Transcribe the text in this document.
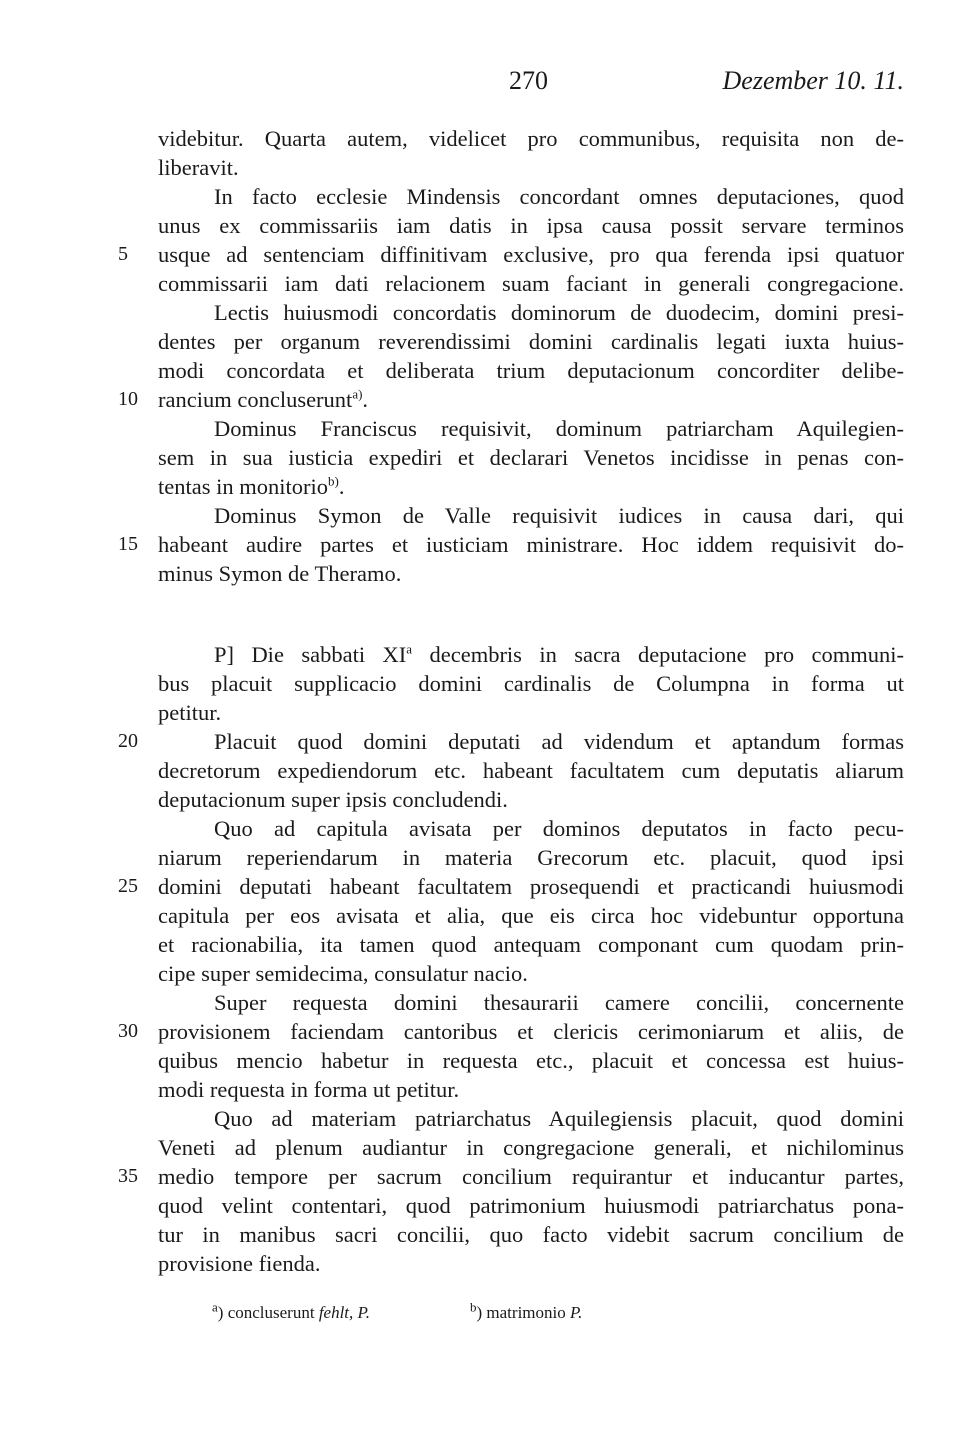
270	Dezember 10. 11.
videbitur. Quarta autem, videlicet pro communibus, requisita non de-
liberavit.
In facto ecclesie Mindensis concordant omnes deputaciones, quod
unus ex commissariis iam datis in ipsa causa possit servare terminos
5	usque ad sentenciam diffinitivam exclusive, pro qua ferenda ipsi quatuor
commissarii iam dati relacionem suam faciant in generali congregacione.
Lectis huiusmodi concordatis dominorum de duodecim, domini presi-
dentes per organum reverendissimi domini cardinalis legati iuxta huius-
modi concordata et deliberata trium deputacionum concorditer delibe-
10 rancium concluserunt$^{a)}$.
Dominus Franciscus requisivit, dominum patriarcham Aquilegien-
sem in sua iusticia expediri et declarari Venetos incidisse in penas con-
tentas in monitorio$^{b)}$.
Dominus Symon de Valle requisivit iudices in causa dari, qui
15 habeant audire partes et iusticiam ministrare. Hoc iddem requisivit do-
minus Symon de Theramo.
P] Die sabbati $XI^a$ decembris in sacra deputacione pro communi-
bus placuit supplicacio domini cardinalis de Columpna in forma ut
petitur.
20	Placuit quod domini deputati ad videndum et aptandum formas
decretorum expediendorum etc. habeant facultatem cum deputatis aliarum
deputacionum super ipsis concludendi.
Quo ad capitula avisata per dominos deputatos in facto pecu-
niarum reperiendarum in materia Grecorum etc. placuit, quod ipsi
25 domini deputati habeant facultatem prosequendi et practicandi huiusmodi
capitula per eos avisata et alia, que eis circa hoc videbuntur opportuna
et racionabilia, ita tamen quod antequam componant cum quodam prin-
cipe super semidecima, consulatur nacio.
Super requesta domini thesaurarii camere concilii, concernente
30 provisionem faciendam cantoribus et clericis cerimoniarum et aliis, de
quibus mencio habetur in requesta etc., placuit et concessa est huius-
modi requesta in forma ut petitur.
Quo ad materiam patriarchatus Aquilegiensis placuit, quod domini
Veneti ad plenum audiantur in congregacione generali, et nichilominus
35 medio tempore per sacrum concilium requirantur et inducantur partes,
quod velint contentari, quod patrimonium huiusmodi patriarchatus pona-
tur in manibus sacri concilii, quo facto videbit sacrum concilium de
provisione fienda.
$^a$) concluserunt fehlt, P.	$^b$) matrimonio P.
